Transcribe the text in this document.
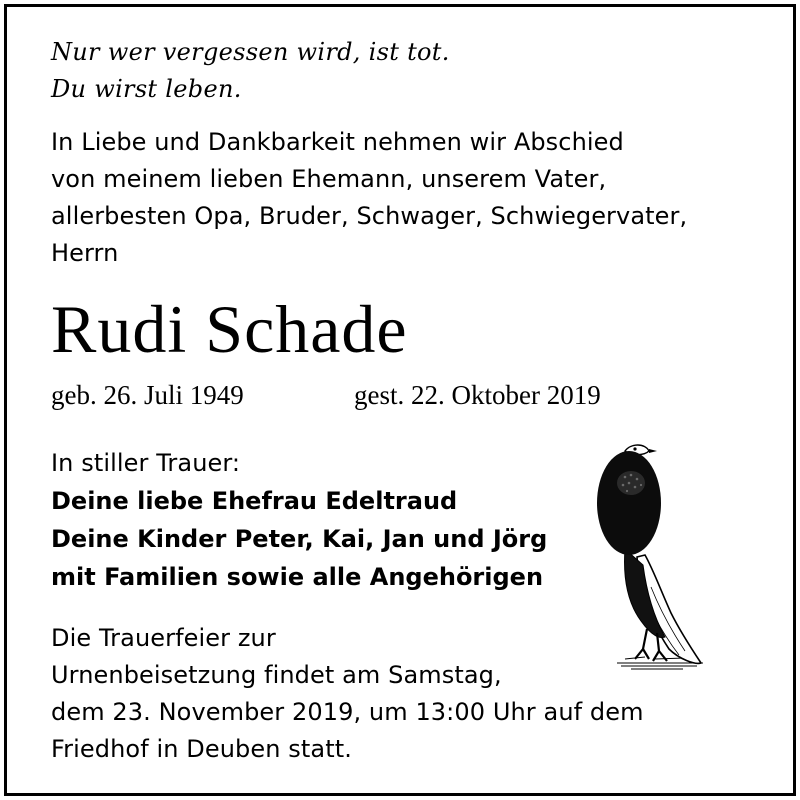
Nur wer vergessen wird, ist tot.

Du wirst leben.

In Liebe und Dankbarkeit nehmen wir Abschied

von meinem lieben Ehemann, unserem Vater,

allerbesten Opa, Bruder, Schwager, Schwiegervater,

Herrn

Rudi Schade

geb. 26. Juli 1949	gest. 22. Oktober 2019

In stiller Trauer:

Deine liebe Ehefrau Edeltraud

Deine Kinder Peter, Kai, Jan und Jörg

mit Familien sowie alle Angehörigen

Die Trauerfeier zur

Urnenbeisetzung findet am Samstag,

dem 23. November 2019, um 13:00 Uhr auf dem

Friedhof in Deuben statt.
